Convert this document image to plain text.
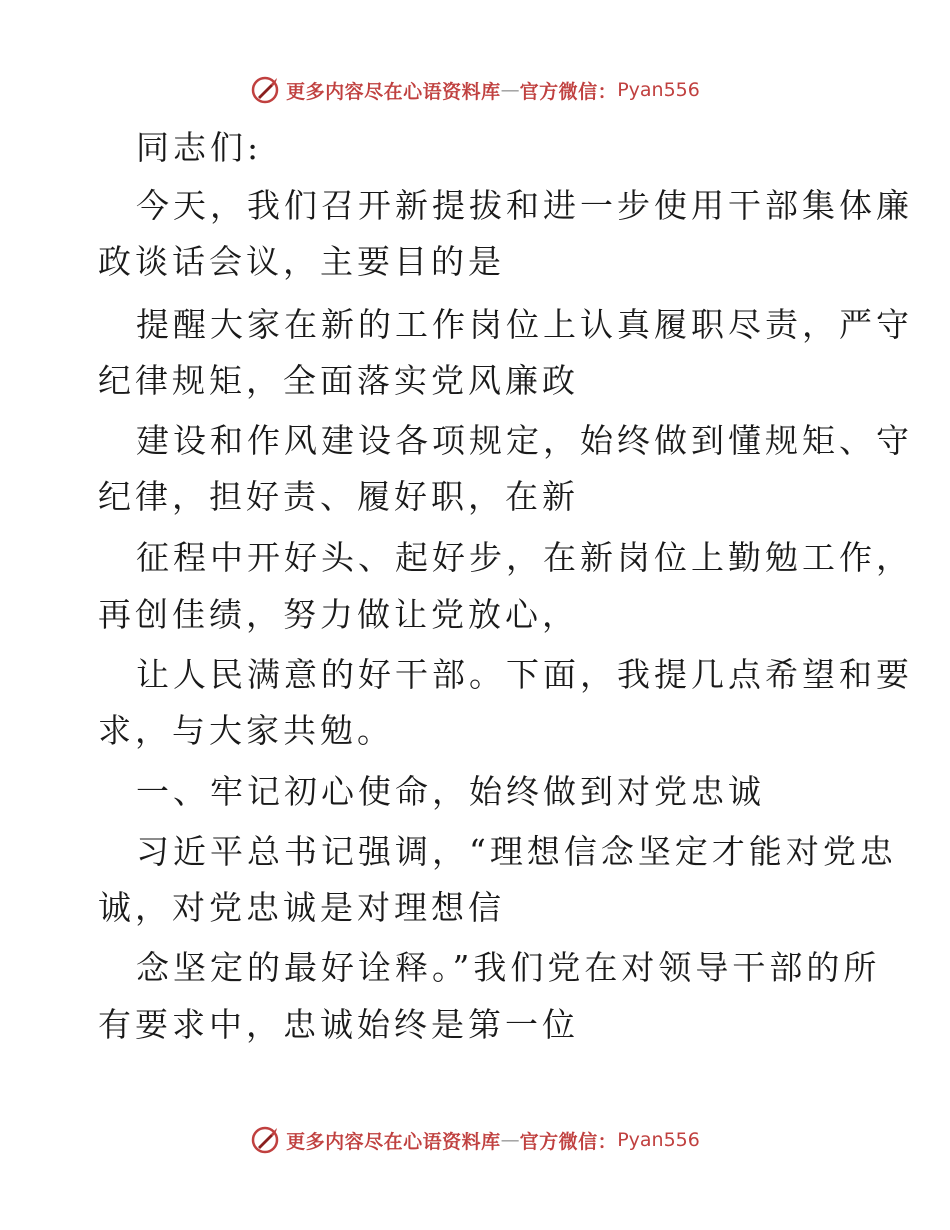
更多内容尽在心语资料库 — 官方微信： Pyan556
同志们:
今天，我们召开新提拔和进一步使用干部集体廉
政谈话会议，主要目的是
提醒大家在新的工作岗位上认真履职尽责，严守
纪律规矩，全面落实党风廉政
建设和作风建设各项规定，始终做到懂规矩、守
纪律，担好责、履好职，在新
征程中开好头、起好步，在新岗位上勤勉工作，
再创佳绩，努力做让党放心，
让人民满意的好干部。下面，我提几点希望和要
求，与大家共勉。
一、牢记初心使命，始终做到对党忠诚
习近平总书记强调，“理想信念坚定才能对党忠
诚，对党忠诚是对理想信
念坚定的最好诠释。”我们党在对领导干部的所
有要求中，忠诚始终是第一位
更多内容尽在心语资料库 — 官方微信： Pyan556
